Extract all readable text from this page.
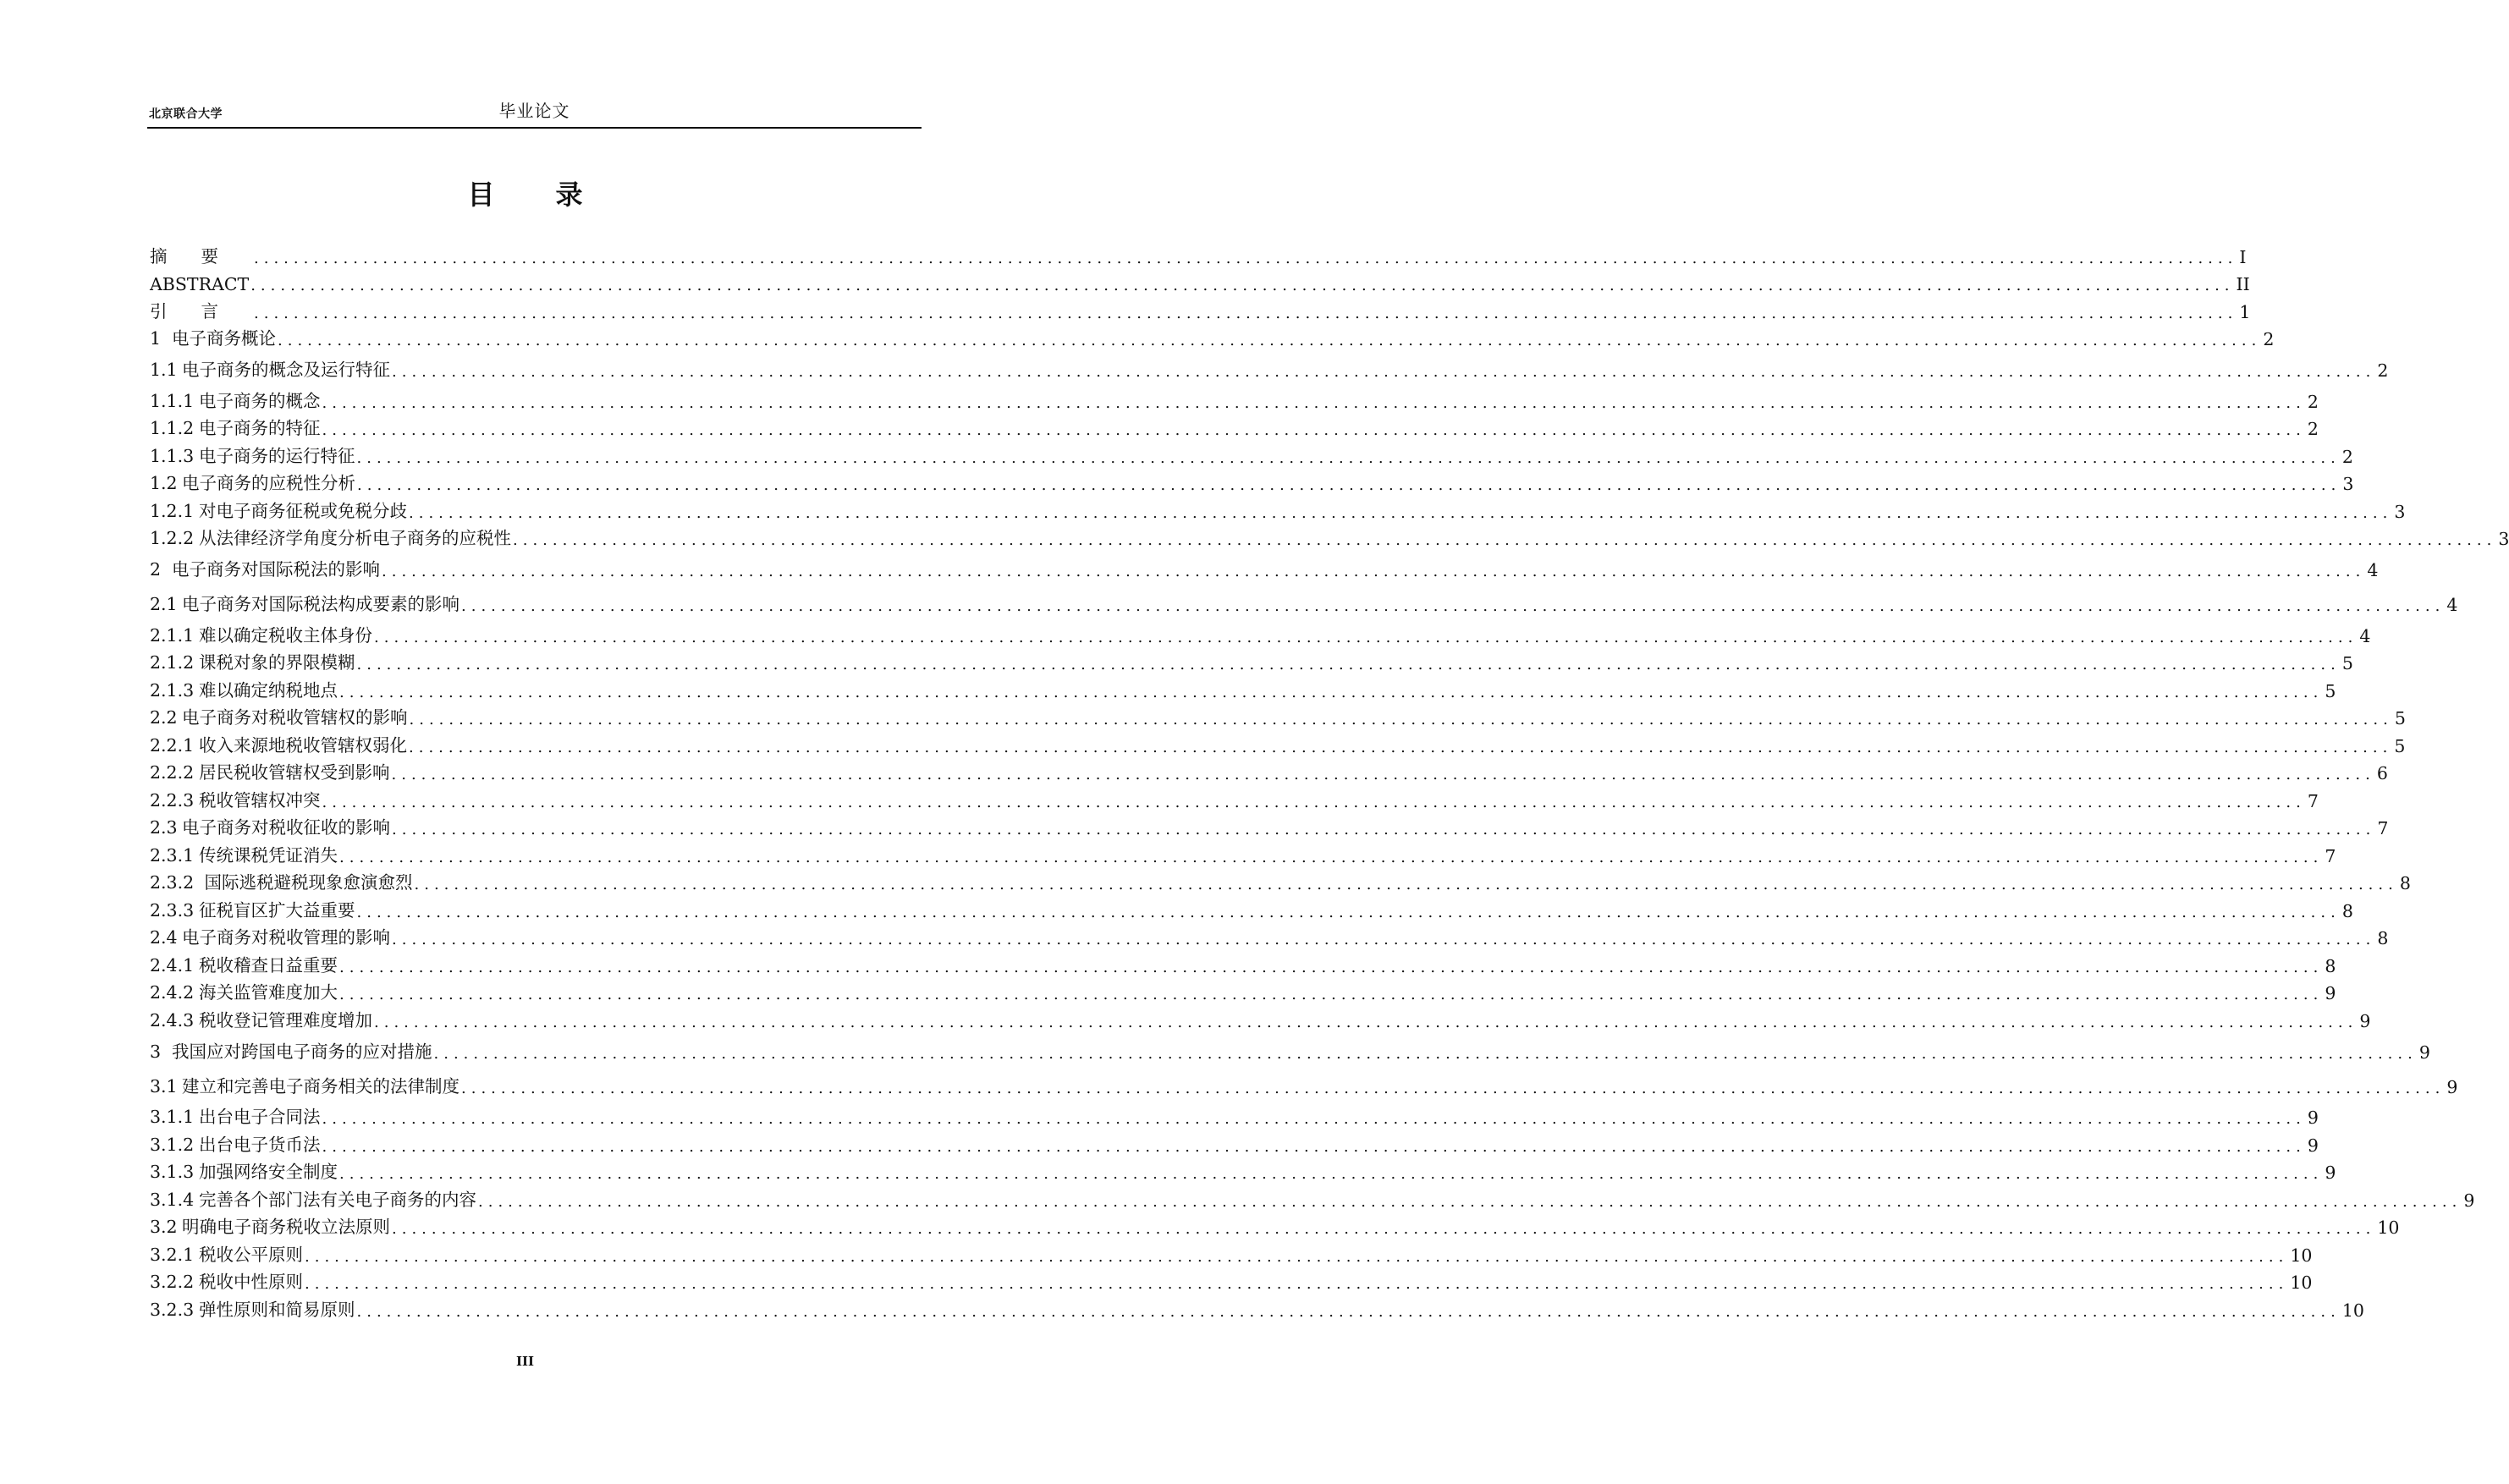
北京联合大学	毕业论文
目 录
摘要 ........................................................................................................................................................................................................ I
ABSTRACT ........................................................................................................................................................................................................ II
引言 ........................................................................................................................................................................................................ 1
1 电子商务概论 ........................................................................................................................................................................................................ 2
1.1 电子商务的概念及运行特征 ........................................................................................................................................................................................................ 2
1.1.1 电子商务的概念 ........................................................................................................................................................................................................ 2
1.1.2 电子商务的特征 ........................................................................................................................................................................................................ 2
1.1.3 电子商务的运行特征 ........................................................................................................................................................................................................ 2
1.2 电子商务的应税性分析 ........................................................................................................................................................................................................ 3
1.2.1 对电子商务征税或免税分歧 ........................................................................................................................................................................................................ 3
1.2.2 从法律经济学角度分析电子商务的应税性 ........................................................................................................................................................................................................ 3
2 电子商务对国际税法的影响 ........................................................................................................................................................................................................ 4
2.1 电子商务对国际税法构成要素的影响 ........................................................................................................................................................................................................ 4
2.1.1 难以确定税收主体身份 ........................................................................................................................................................................................................ 4
2.1.2 课税对象的界限模糊 ........................................................................................................................................................................................................ 5
2.1.3 难以确定纳税地点 ........................................................................................................................................................................................................ 5
2.2 电子商务对税收管辖权的影响 ........................................................................................................................................................................................................ 5
2.2.1 收入来源地税收管辖权弱化 ........................................................................................................................................................................................................ 5
2.2.2 居民税收管辖权受到影响 ........................................................................................................................................................................................................ 6
2.2.3 税收管辖权冲突 ........................................................................................................................................................................................................ 7
2.3 电子商务对税收征收的影响 ........................................................................................................................................................................................................ 7
2.3.1 传统课税凭证消失 ........................................................................................................................................................................................................ 7
2.3.2 国际逃税避税现象愈演愈烈 ........................................................................................................................................................................................................ 8
2.3.3 征税盲区扩大益重要 ........................................................................................................................................................................................................ 8
2.4 电子商务对税收管理的影响 ........................................................................................................................................................................................................ 8
2.4.1 税收稽查日益重要 ........................................................................................................................................................................................................ 8
2.4.2 海关监管难度加大 ........................................................................................................................................................................................................ 9
2.4.3 税收登记管理难度增加 ........................................................................................................................................................................................................ 9
3 我国应对跨国电子商务的应对措施 ........................................................................................................................................................................................................ 9
3.1 建立和完善电子商务相关的法律制度 ........................................................................................................................................................................................................ 9
3.1.1 出台电子合同法 ........................................................................................................................................................................................................ 9
3.1.2 出台电子货币法 ........................................................................................................................................................................................................ 9
3.1.3 加强网络安全制度 ........................................................................................................................................................................................................ 9
3.1.4 完善各个部门法有关电子商务的内容 ........................................................................................................................................................................................................ 9
3.2 明确电子商务税收立法原则 ........................................................................................................................................................................................................ 10
3.2.1 税收公平原则 ........................................................................................................................................................................................................ 10
3.2.2 税收中性原则 ........................................................................................................................................................................................................ 10
3.2.3 弹性原则和简易原则 ........................................................................................................................................................................................................ 10
III
